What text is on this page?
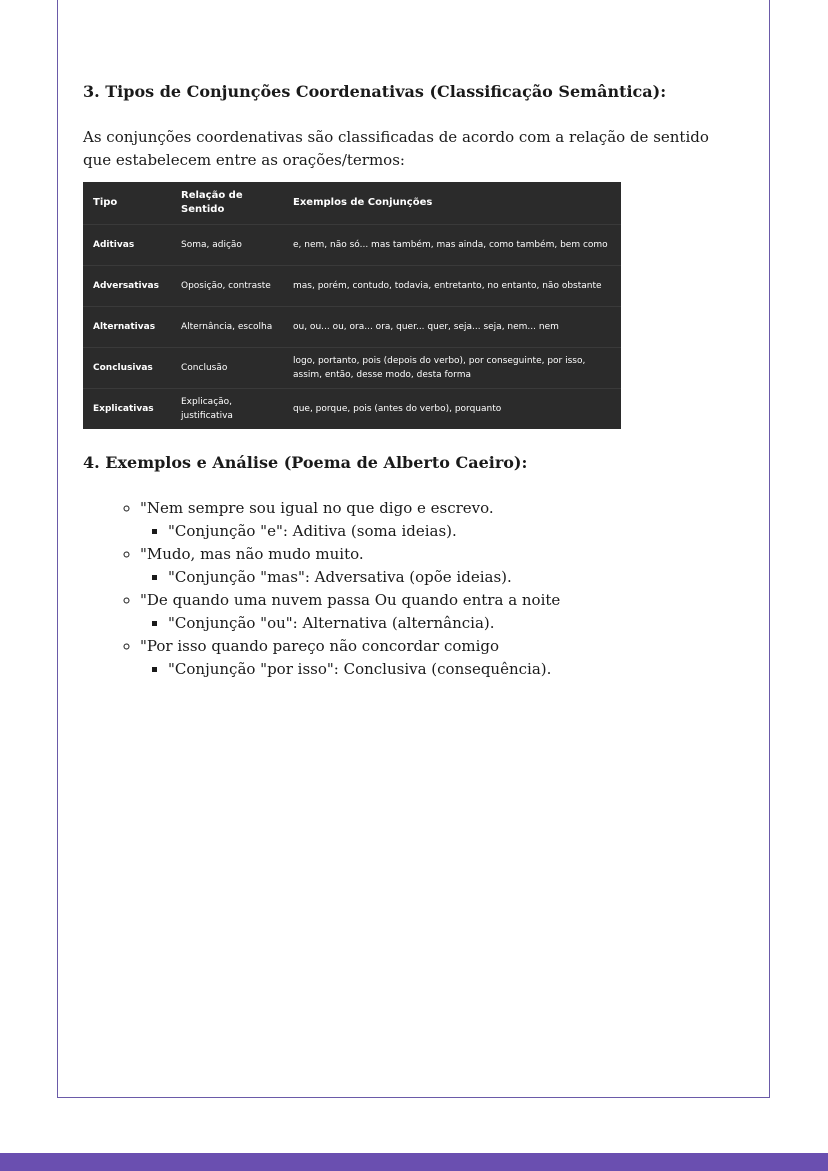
3. Tipos de Conjunções Coordenativas (Classificação Semântica):

As conjunções coordenativas são classificadas de acordo com a relação de sentido que estabelecem entre as orações/termos:

Tipo	Relação de Sentido	Exemplos de Conjunções
Aditivas	Soma, adição	e, nem, não só... mas também, mas ainda, como também, bem como
Adversativas	Oposição, contraste	mas, porém, contudo, todavia, entretanto, no entanto, não obstante
Alternativas	Alternância, escolha	ou, ou... ou, ora... ora, quer... quer, seja... seja, nem... nem
Conclusivas	Conclusão	logo, portanto, pois (depois do verbo), por conseguinte, por isso, assim, então, desse modo, desta forma
Explicativas	Explicação, justificativa	que, porque, pois (antes do verbo), porquanto
4. Exemplos e Análise (Poema de Alberto Caeiro):
◦ "Nem sempre sou igual no que digo e escrevo.
▪ "Conjunção "e": Aditiva (soma ideias).
◦ "Mudo, mas não mudo muito.
▪ "Conjunção "mas": Adversativa (opõe ideias).
◦ "De quando uma nuvem passa Ou quando entra a noite
▪ "Conjunção "ou": Alternativa (alternância).
◦ "Por isso quando pareço não concordar comigo
▪ "Conjunção "por isso": Conclusiva (consequência).
